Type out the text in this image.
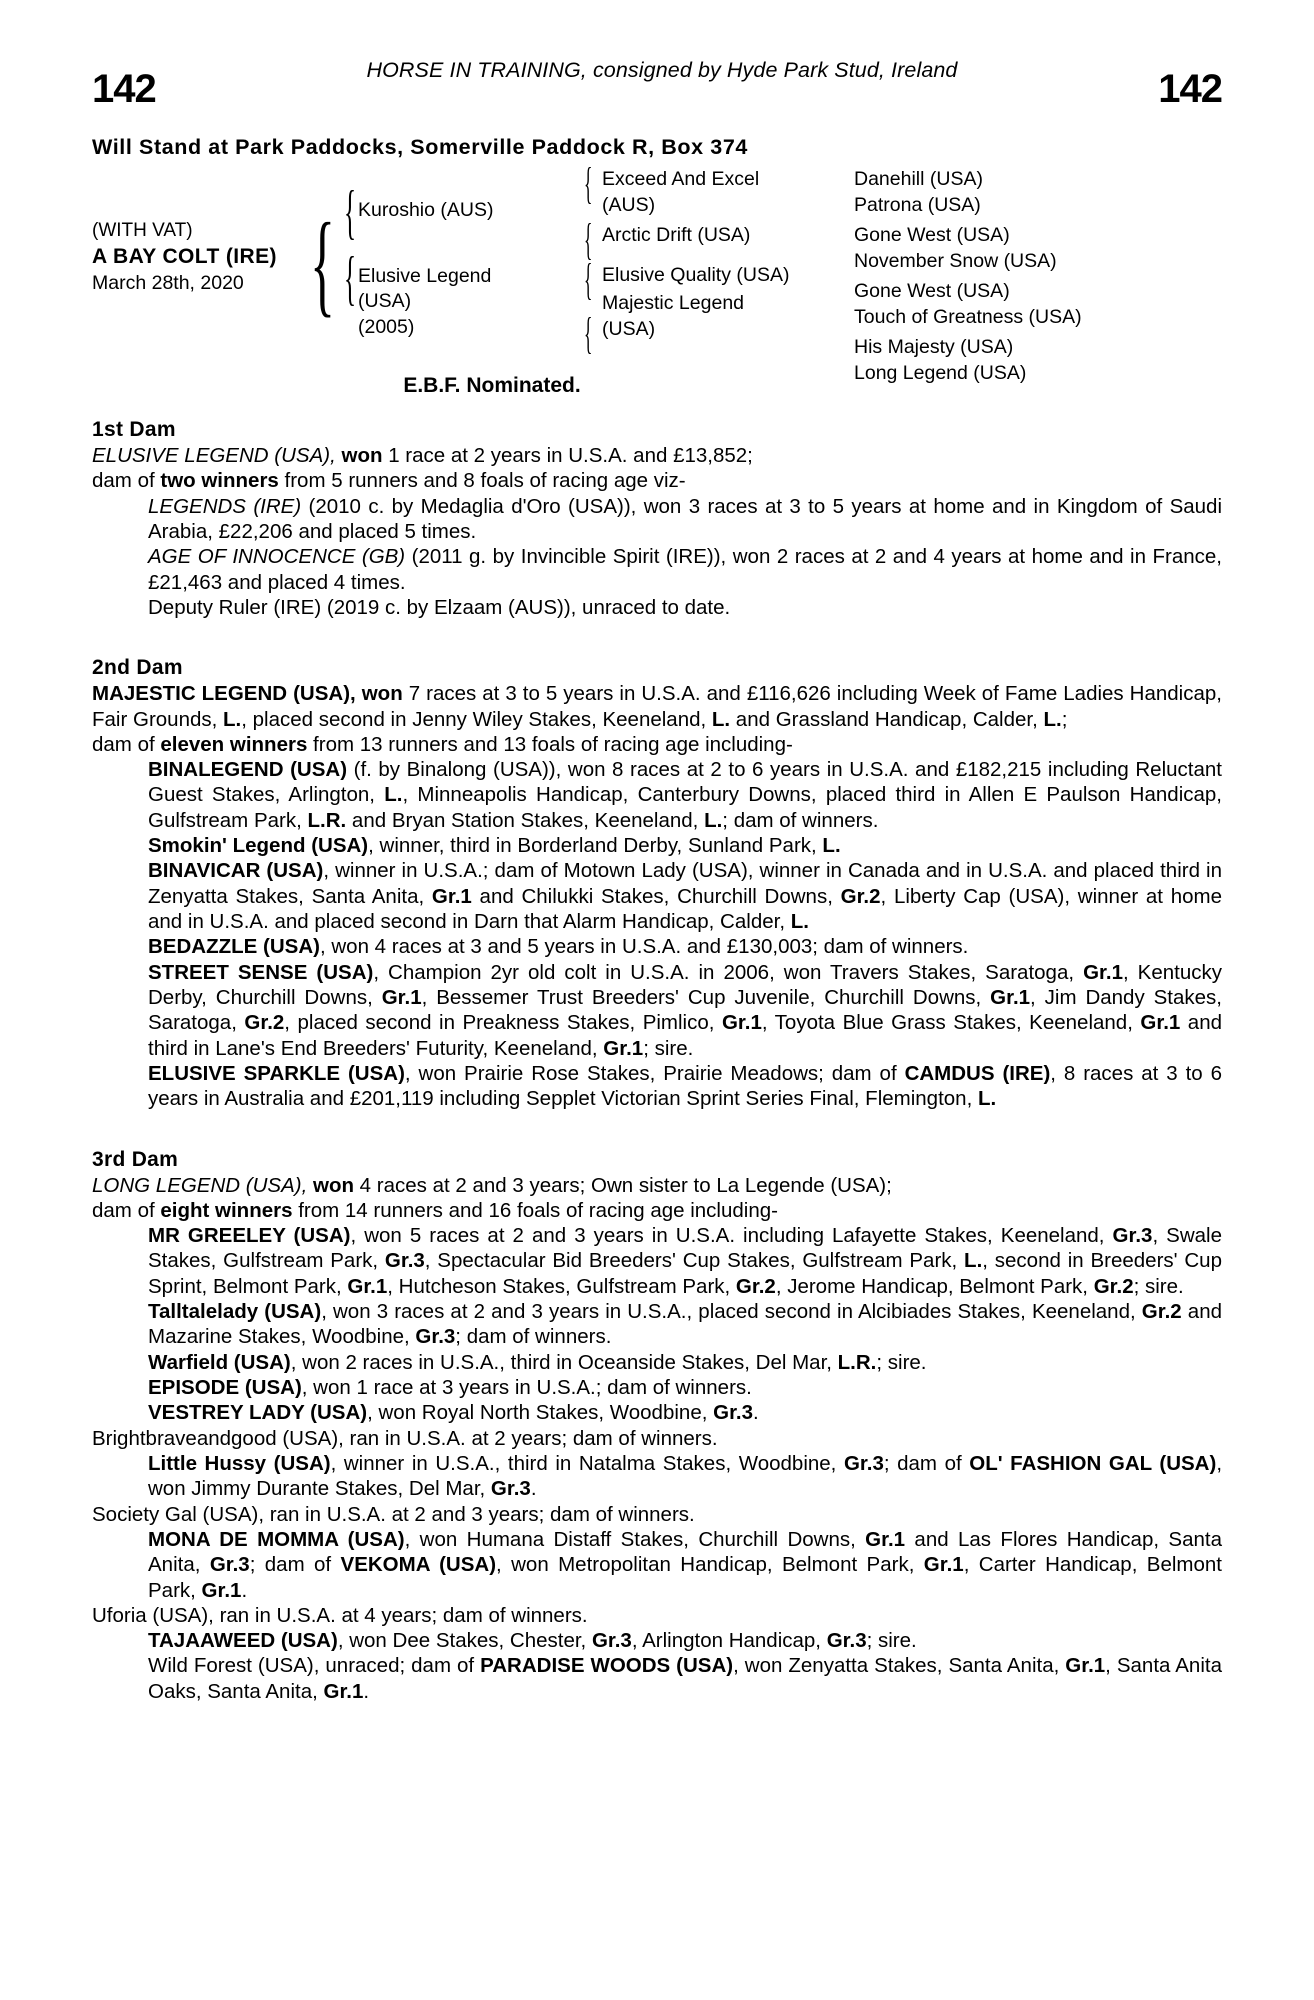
HORSE IN TRAINING, consigned by Hyde Park Stud, Ireland
142	142
Will Stand at Park Paddocks, Somerville Paddock R, Box 374
(WITH VAT)
A BAY COLT (IRE)
March 28th, 2020 { Kuroshio (AUS)
Elusive Legend
(USA)
(2005)
{
{
Exceed And Excel
(AUS)
Arctic Drift (USA)
Elusive Quality (USA)
Majestic Legend
(USA)
{
{
{
{
Danehill (USA)
Patrona (USA)
Gone West (USA)
November Snow (USA)
Gone West (USA)
Touch of Greatness (USA)
His Majesty (USA)
Long Legend (USA)
E.B.F. Nominated.
1st Dam

ELUSIVE LEGEND (USA), won 1 race at 2 years in U.S.A. and £13,852;

dam of two winners from 5 runners and 8 foals of racing age viz-

LEGENDS (IRE) (2010 c. by Medaglia d'Oro (USA)), won 3 races at 3 to 5 years at home and in Kingdom of Saudi Arabia, £22,206 and placed 5 times.

AGE OF INNOCENCE (GB) (2011 g. by Invincible Spirit (IRE)), won 2 races at 2 and 4 years at home and in France, £21,463 and placed 4 times.

Deputy Ruler (IRE) (2019 c. by Elzaam (AUS)), unraced to date.

2nd Dam

MAJESTIC LEGEND (USA), won 7 races at 3 to 5 years in U.S.A. and £116,626 including Week of Fame Ladies Handicap, Fair Grounds, L., placed second in Jenny Wiley Stakes, Keeneland, L. and Grassland Handicap, Calder, L.;

dam of eleven winners from 13 runners and 13 foals of racing age including-

BINALEGEND (USA) (f. by Binalong (USA)), won 8 races at 2 to 6 years in U.S.A. and £182,215 including Reluctant Guest Stakes, Arlington, L., Minneapolis Handicap, Canterbury Downs, placed third in Allen E Paulson Handicap, Gulfstream Park, L.R. and Bryan Station Stakes, Keeneland, L.; dam of winners.

Smokin' Legend (USA), winner, third in Borderland Derby, Sunland Park, L.

BINAVICAR (USA), winner in U.S.A.; dam of Motown Lady (USA), winner in Canada and in U.S.A. and placed third in Zenyatta Stakes, Santa Anita, Gr.1 and Chilukki Stakes, Churchill Downs, Gr.2, Liberty Cap (USA), winner at home and in U.S.A. and placed second in Darn that Alarm Handicap, Calder, L.

BEDAZZLE (USA), won 4 races at 3 and 5 years in U.S.A. and £130,003; dam of winners.

STREET SENSE (USA), Champion 2yr old colt in U.S.A. in 2006, won Travers Stakes, Saratoga, Gr.1, Kentucky Derby, Churchill Downs, Gr.1, Bessemer Trust Breeders' Cup Juvenile, Churchill Downs, Gr.1, Jim Dandy Stakes, Saratoga, Gr.2, placed second in Preakness Stakes, Pimlico, Gr.1, Toyota Blue Grass Stakes, Keeneland, Gr.1 and third in Lane's End Breeders' Futurity, Keeneland, Gr.1; sire.

ELUSIVE SPARKLE (USA), won Prairie Rose Stakes, Prairie Meadows; dam of CAMDUS (IRE), 8 races at 3 to 6 years in Australia and £201,119 including Sepplet Victorian Sprint Series Final, Flemington, L.

3rd Dam

LONG LEGEND (USA), won 4 races at 2 and 3 years; Own sister to La Legende (USA);

dam of eight winners from 14 runners and 16 foals of racing age including-

MR GREELEY (USA), won 5 races at 2 and 3 years in U.S.A. including Lafayette Stakes, Keeneland, Gr.3, Swale Stakes, Gulfstream Park, Gr.3, Spectacular Bid Breeders' Cup Stakes, Gulfstream Park, L., second in Breeders' Cup Sprint, Belmont Park, Gr.1, Hutcheson Stakes, Gulfstream Park, Gr.2, Jerome Handicap, Belmont Park, Gr.2; sire.

Talltalelady (USA), won 3 races at 2 and 3 years in U.S.A., placed second in Alcibiades Stakes, Keeneland, Gr.2 and Mazarine Stakes, Woodbine, Gr.3; dam of winners.

Warfield (USA), won 2 races in U.S.A., third in Oceanside Stakes, Del Mar, L.R.; sire.

EPISODE (USA), won 1 race at 3 years in U.S.A.; dam of winners.

VESTREY LADY (USA), won Royal North Stakes, Woodbine, Gr.3.

Brightbraveandgood (USA), ran in U.S.A. at 2 years; dam of winners.

Little Hussy (USA), winner in U.S.A., third in Natalma Stakes, Woodbine, Gr.3; dam of OL' FASHION GAL (USA), won Jimmy Durante Stakes, Del Mar, Gr.3.

Society Gal (USA), ran in U.S.A. at 2 and 3 years; dam of winners.

MONA DE MOMMA (USA), won Humana Distaff Stakes, Churchill Downs, Gr.1 and Las Flores Handicap, Santa Anita, Gr.3; dam of VEKOMA (USA), won Metropolitan Handicap, Belmont Park, Gr.1, Carter Handicap, Belmont Park, Gr.1.

Uforia (USA), ran in U.S.A. at 4 years; dam of winners.

TAJAAWEED (USA), won Dee Stakes, Chester, Gr.3, Arlington Handicap, Gr.3; sire.

Wild Forest (USA), unraced; dam of PARADISE WOODS (USA), won Zenyatta Stakes, Santa Anita, Gr.1, Santa Anita Oaks, Santa Anita, Gr.1.
